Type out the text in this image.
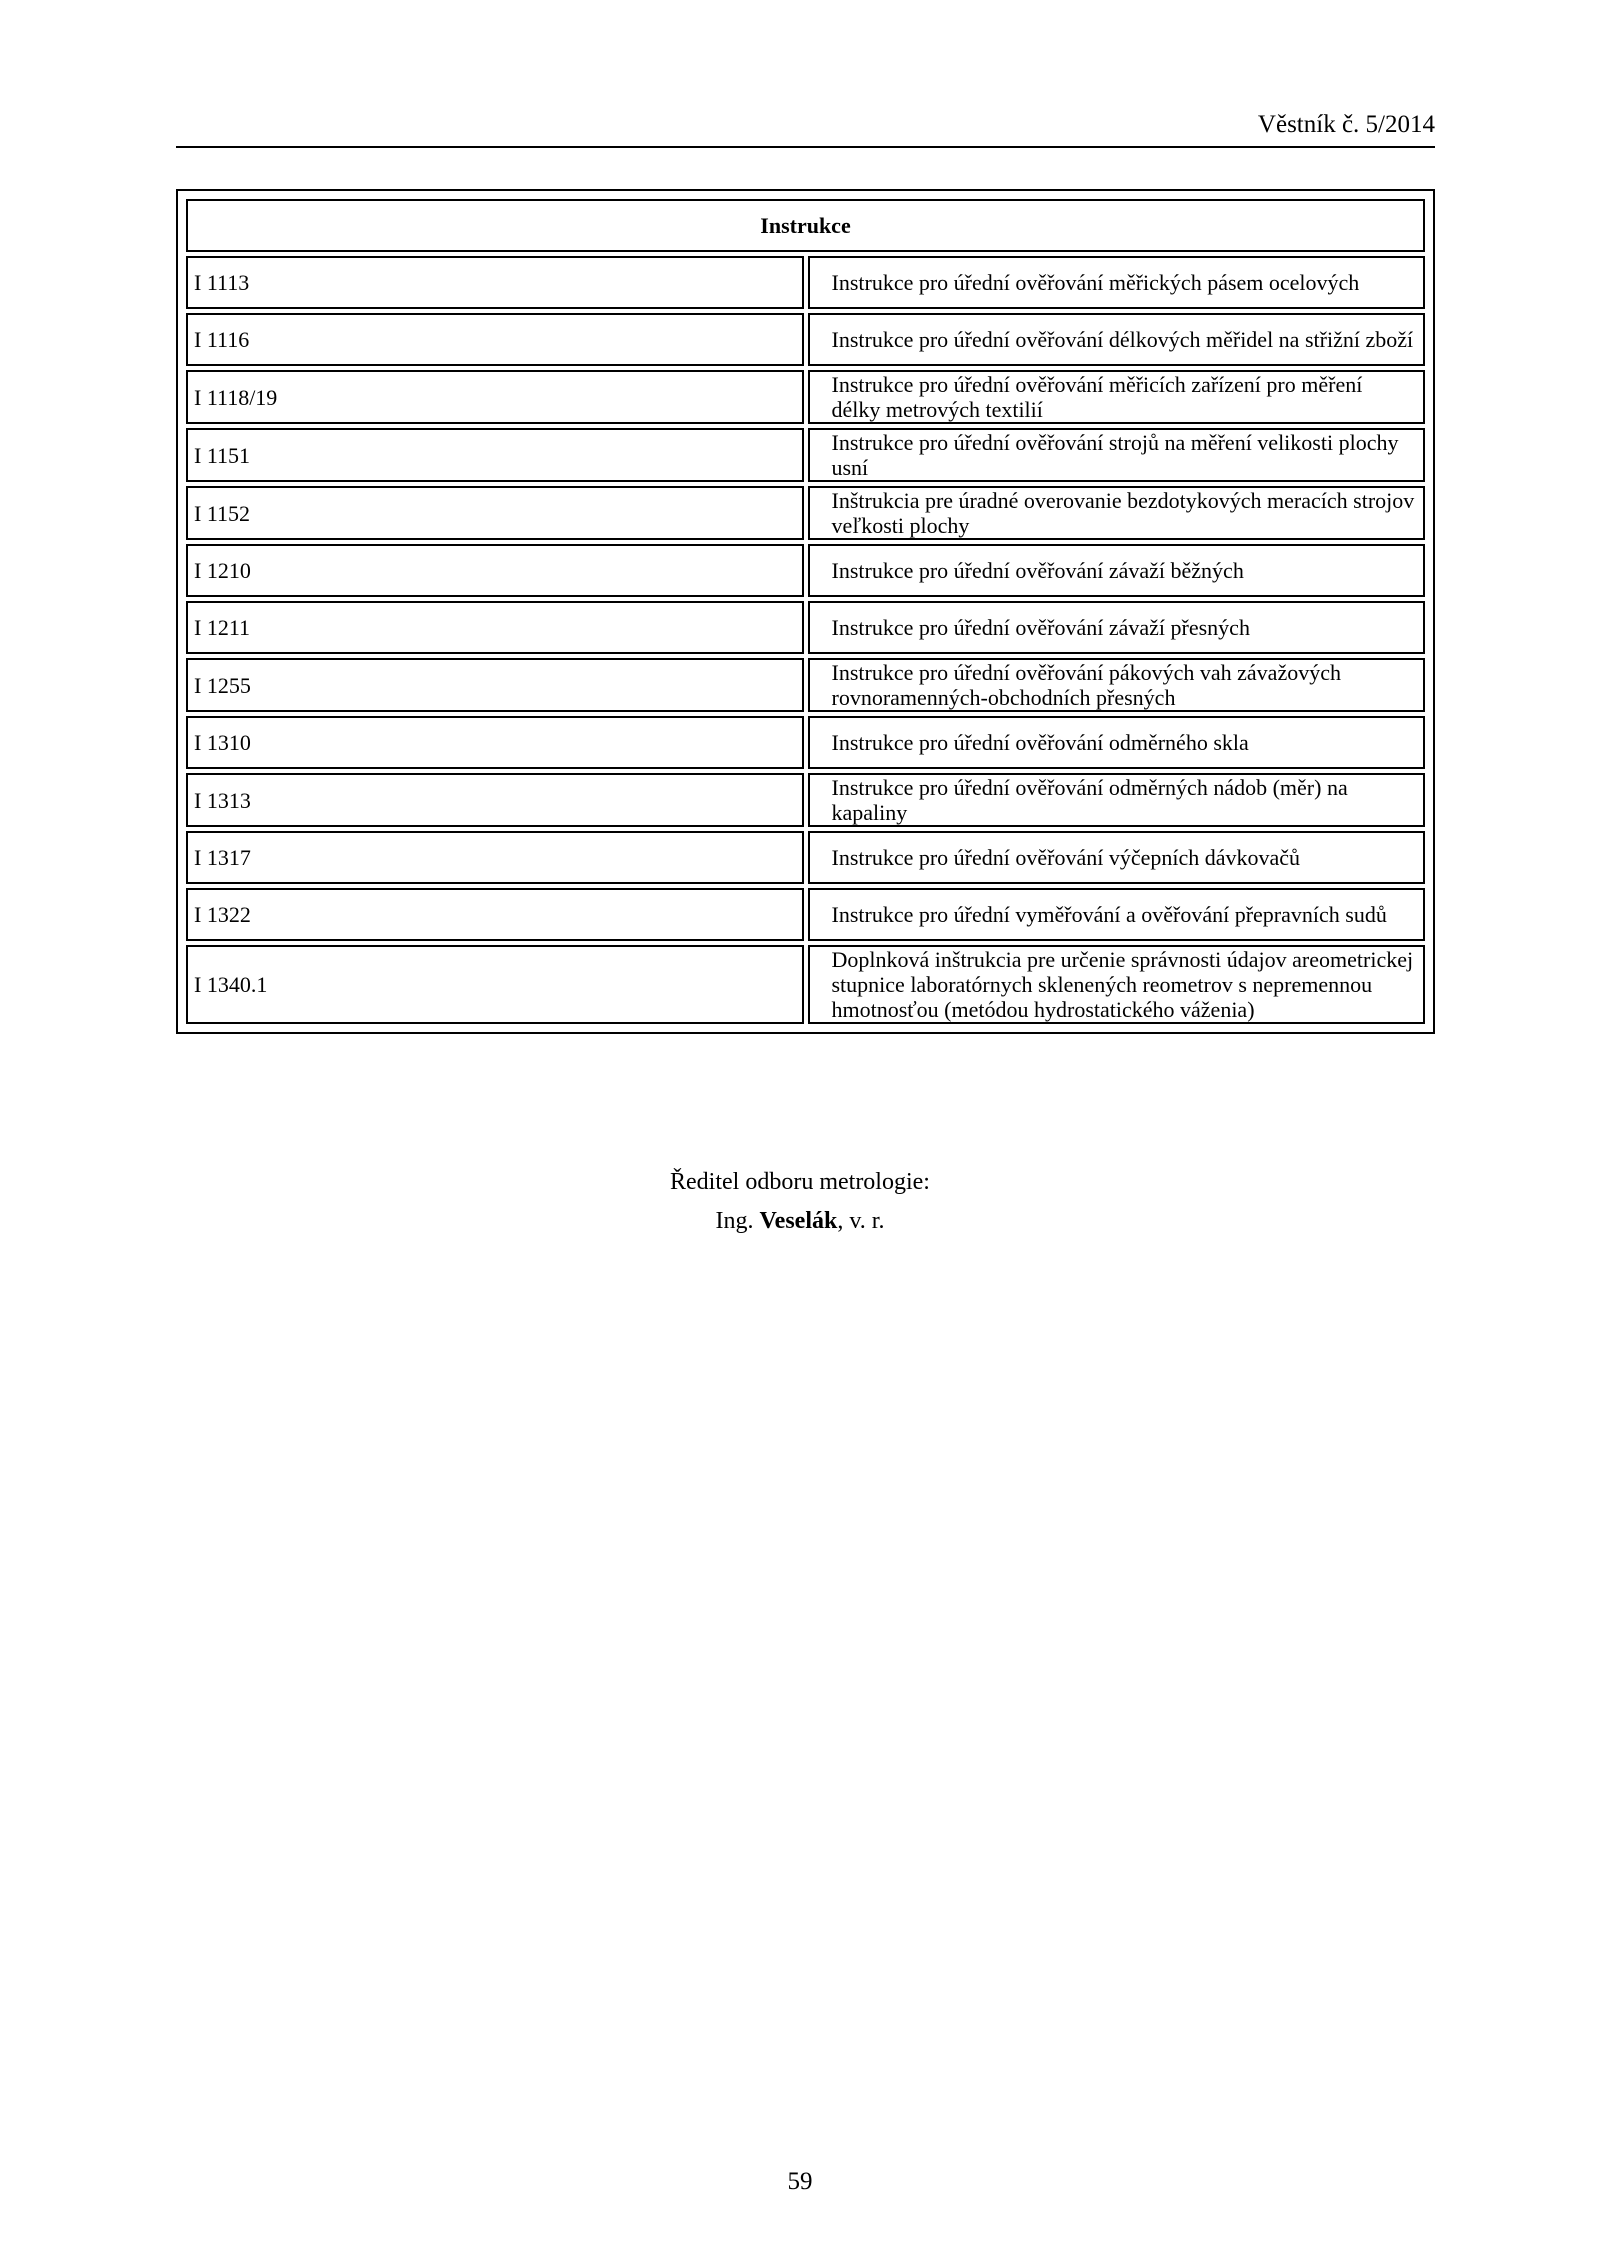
Věstník č. 5/2014
Instrukce	
I 1113	Instrukce pro úřední ověřování měřických pásem ocelových
I 1116	Instrukce pro úřední ověřování délkových měřidel na střižní zboží
I 1118/19	Instrukce pro úřední ověřování měřicích zařízení pro měření délky metrových textilií
I 1151	Instrukce pro úřední ověřování strojů na měření velikosti plochy usní
I 1152	Inštrukcia pre úradné overovanie bezdotykových meracích strojov veľkosti plochy
I 1210	Instrukce pro úřední ověřování závaží běžných
I 1211	Instrukce pro úřední ověřování závaží přesných
I 1255	Instrukce pro úřední ověřování pákových vah závažových rovnoramenných-obchodních přesných
I 1310	Instrukce pro úřední ověřování odměrného skla
I 1313	Instrukce pro úřední ověřování odměrných nádob (měr) na kapaliny
I 1317	Instrukce pro úřední ověřování výčepních dávkovačů
I 1322	Instrukce pro úřední vyměřování a ověřování přepravních sudů
I 1340.1	Doplnková inštrukcia pre určenie správnosti údajov areometrickej stupnice laboratórnych sklenených reometrov s nepremennou hmotnosťou (metódou hydrostatického váženia)
Ředitel odboru metrologie:
Ing. Veselák, v. r.
59
